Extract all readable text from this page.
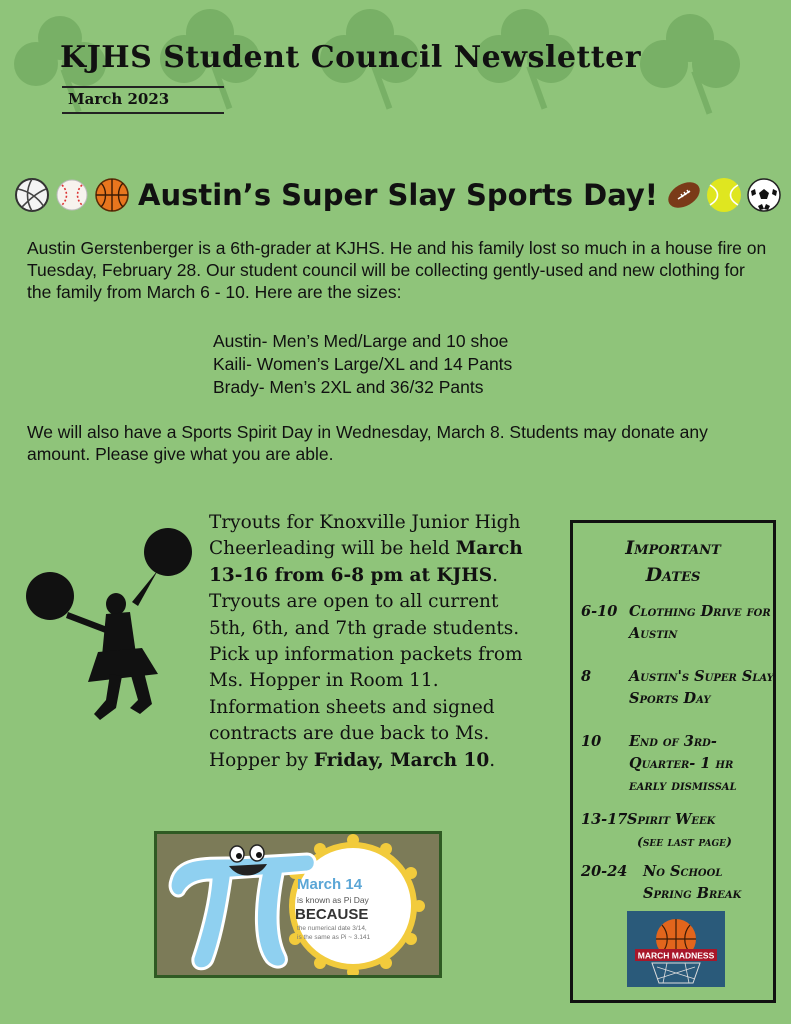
KJHS Student Council Newsletter
March 2023
Austin’s Super Slay Sports Day!
Austin Gerstenberger is a 6th-grader at KJHS. He and his family lost so much in a house fire on Tuesday, February 28. Our student council will be collecting gently-used and new clothing for the family from March 6 - 10. Here are the sizes:
Austin- Men’s Med/Large and 10 shoe
Kaili- Women’s Large/XL and 14 Pants
Brady- Men’s 2XL and 36/32 Pants
We will also have a Sports Spirit Day in Wednesday, March 8. Students may donate any amount. Please give what you are able.
Tryouts for Knoxville Junior High Cheerleading will be held March 13-16 from 6-8 pm at KJHS. Tryouts are open to all current 5th, 6th, and 7th grade students. Pick up information packets from Ms. Hopper in Room 11. Information sheets and signed contracts are due back to Ms. Hopper by Friday, March 10.
Important
Dates
6-10 Clothing Drive for Austin
8	Austin's Super Slay Sports Day
10 End of 3rd-Quarter- 1 hr early dismissal
13-17 Spirit Week
(see last page)
20-24 No School Spring Break
MARCH MADNESS
March 14
is known as Pi Day
BECAUSE
the numerical date 3/14,
is the same as Pi ~ 3.141
